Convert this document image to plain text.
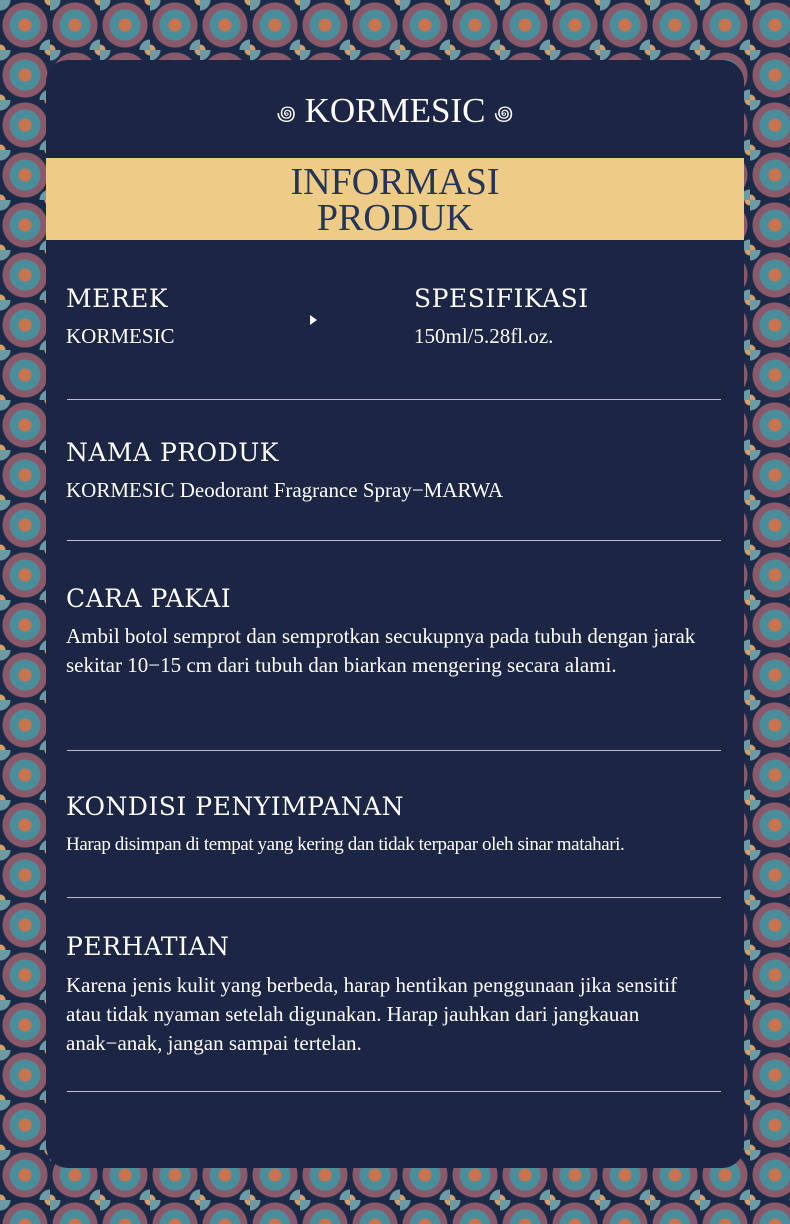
꩜ KORMESIC ꩜
INFORMASI PRODUK
MEREK
KORMESIC
SPESIFIKASI
150ml/5.28fl.oz.
NAMA PRODUK
KORMESIC Deodorant Fragrance Spray−MARWA
CARA PAKAI
Ambil botol semprot dan semprotkan secukupnya pada tubuh dengan jarak sekitar 10−15 cm dari tubuh dan biarkan mengering secara alami.
KONDISI PENYIMPANAN
Harap disimpan di tempat yang kering dan tidak terpapar oleh sinar matahari.
PERHATIAN
Karena jenis kulit yang berbeda, harap hentikan penggunaan jika sensitif atau tidak nyaman setelah digunakan. Harap jauhkan dari jangkauan anak−anak, jangan sampai tertelan.
